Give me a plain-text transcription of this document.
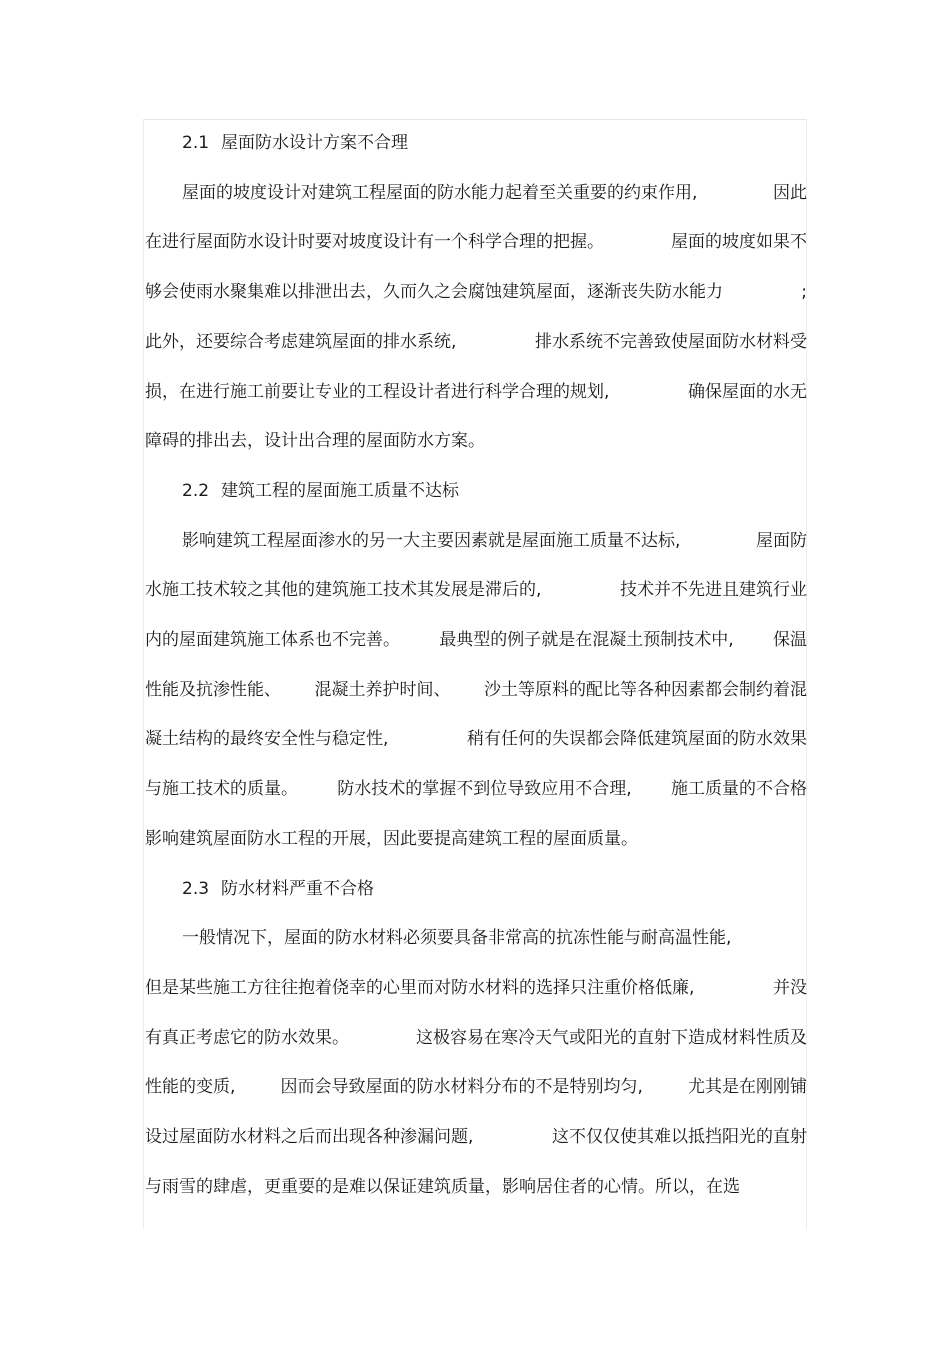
2.1 屋面防水设计方案不合理
屋面的坡度设计对建筑工程屋面的防水能力起着至关重要的约束作用,	因此
在进行屋面防水设计时要对坡度设计有一个科学合理的把握。	屋面的坡度如果不
够会使雨水聚集难以排泄出去，久而久之会腐蚀建筑屋面，逐渐丧失防水能力	;
此外，还要综合考虑建筑屋面的排水系统,	排水系统不完善致使屋面防水材料受
损，在进行施工前要让专业的工程设计者进行科学合理的规划,	确保屋面的水无
障碍的排出去，设计出合理的屋面防水方案。
2.2 建筑工程的屋面施工质量不达标
影响建筑工程屋面渗水的另一大主要因素就是屋面施工质量不达标,	屋面防
水施工技术较之其他的建筑施工技术其发展是滞后的,	技术并不先进且建筑行业
内的屋面建筑施工体系也不完善。 最典型的例子就是在混凝土预制技术中, 保温
性能及抗渗性能、 混凝土养护时间、 沙土等原料的配比等各种因素都会制约着混
凝土结构的最终安全性与稳定性,	稍有任何的失误都会降低建筑屋面的防水效果
与施工技术的质量。 防水技术的掌握不到位导致应用不合理, 施工质量的不合格
影响建筑屋面防水工程的开展，因此要提高建筑工程的屋面质量。
2.3 防水材料严重不合格
一般情况下，屋面的防水材料必须要具备非常高的抗冻性能与耐高温性能,
但是某些施工方往往抱着侥幸的心里而对防水材料的选择只注重价格低廉,	并没
有真正考虑它的防水效果。	这极容易在寒冷天气或阳光的直射下造成材料性质及
性能的变质,	因而会导致屋面的防水材料分布的不是特别均匀,	尤其是在刚刚铺
设过屋面防水材料之后而出现各种渗漏问题,	这不仅仅使其难以抵挡阳光的直射
与雨雪的肆虐，更重要的是难以保证建筑质量，影响居住者的心情。所以，在选
